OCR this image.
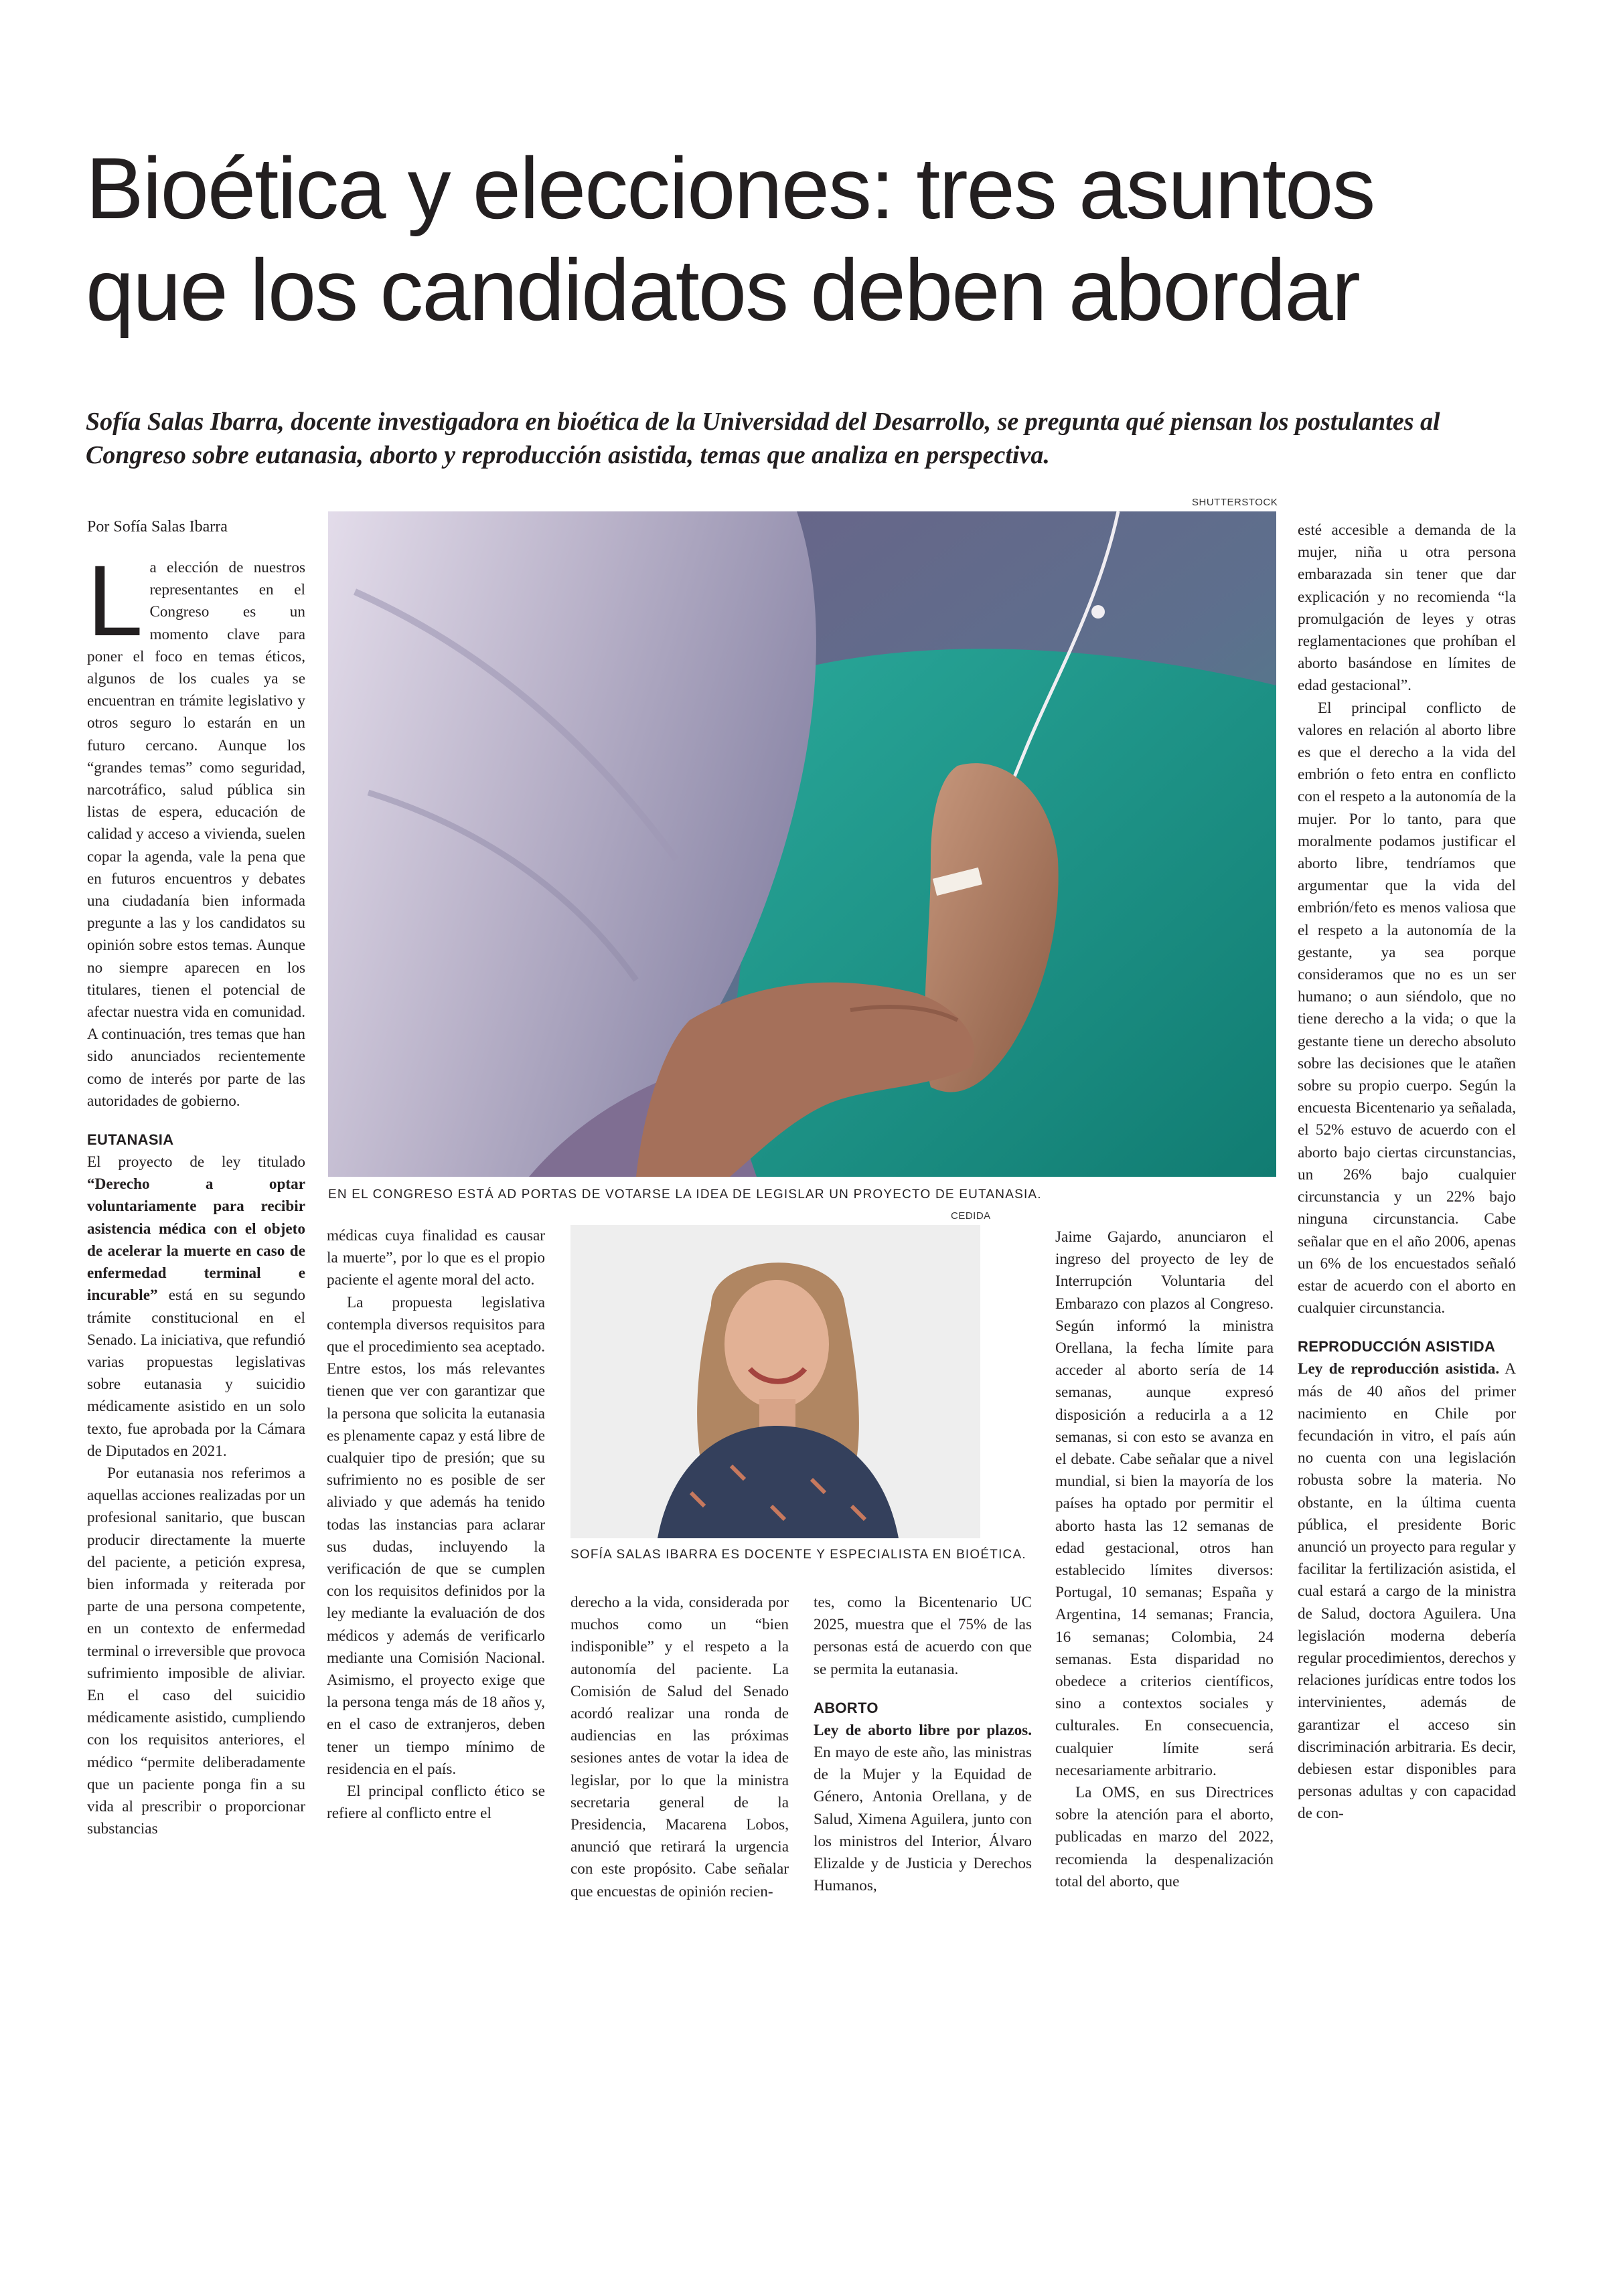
Bioética y elecciones: tres asuntos
que los candidatos deben abordar
Sofía Salas Ibarra, docente investigadora en bioética de la Universidad del Desarrollo, se pregunta qué piensan los postulantes al Congreso sobre eutanasia, aborto y reproducción asistida, temas que analiza en perspectiva.
Por Sofía Salas Ibarra
SHUTTERSTOCK
EN EL CONGRESO ESTÁ AD PORTAS DE VOTARSE LA IDEA DE LEGISLAR UN PROYECTO DE EUTANASIA.
L a elección de nuestros representantes en el Congreso es un momento clave para poner el foco en temas éticos, algunos de los cuales ya se encuentran en trámite legislativo y otros seguro lo estarán en un futuro cercano. Aunque los “grandes temas” como seguridad, narcotráfico, salud pública sin listas de espera, educación de calidad y acceso a vivienda, suelen copar la agenda, vale la pena que en futuros encuentros y debates una ciudadanía bien informada pregunte a las y los candidatos su opinión sobre estos temas. Aunque no siempre aparecen en los titulares, tienen el potencial de afectar nuestra vida en comunidad. A continuación, tres temas que han sido anunciados recientemente como de interés por parte de las autoridades de gobierno.

EUTANASIA

El proyecto de ley titulado “Derecho a optar voluntariamente para recibir asistencia médica con el objeto de acelerar la muerte en caso de enfermedad terminal e incurable” está en su segundo trámite constitucional en el Senado. La iniciativa, que refundió varias propuestas legislativas sobre eutanasia y suicidio médicamente asistido en un solo texto, fue aprobada por la Cámara de Diputados en 2021.

Por eutanasia nos referimos a aquellas acciones realizadas por un profesional sanitario, que buscan producir directamente la muerte del paciente, a petición expresa, bien informada y reiterada por parte de una persona competente, en un contexto de enfermedad terminal o irreversible que provoca sufrimiento imposible de aliviar. En el caso del suicidio médicamente asistido, cumpliendo con los requisitos anteriores, el médico “permite deliberadamente que un paciente ponga fin a su vida al prescribir o proporcionar substancias

médicas cuya finalidad es causar la muerte”, por lo que es el propio paciente el agente moral del acto.

La propuesta legislativa contempla diversos requisitos para que el procedimiento sea aceptado. Entre estos, los más relevantes tienen que ver con garantizar que la persona que solicita la eutanasia es plenamente capaz y está libre de cualquier tipo de presión; que su sufrimiento no es posible de ser aliviado y que además ha tenido todas las instancias para aclarar sus dudas, incluyendo la verificación de que se cumplen con los requisitos definidos por la ley mediante la evaluación de dos médicos y además de verificarlo mediante una Comisión Nacional. Asimismo, el proyecto exige que la persona tenga más de 18 años y, en el caso de extranjeros, deben tener un tiempo mínimo de residencia en el país.

El principal conflicto ético se refiere al conflicto entre el

CEDIDA
SOFÍA SALAS IBARRA ES DOCENTE Y ESPECIALISTA EN BIOÉTICA.

derecho a la vida, considerada por muchos como un “bien indisponible” y el respeto a la autonomía del paciente. La Comisión de Salud del Senado acordó realizar una ronda de audiencias en las próximas sesiones antes de votar la idea de legislar, por lo que la ministra secretaria general de la Presidencia, Macarena Lobos, anunció que retirará la urgencia con este propósito. Cabe señalar que encuestas de opinión recien-

tes, como la Bicentenario UC 2025, muestra que el 75% de las personas está de acuerdo con que se permita la eutanasia.

ABORTO

Ley de aborto libre por plazos. En mayo de este año, las ministras de la Mujer y la Equidad de Género, Antonia Orellana, y de Salud, Ximena Aguilera, junto con los ministros del Interior, Álvaro Elizalde y de Justicia y Derechos Humanos,

Jaime Gajardo, anunciaron el ingreso del proyecto de ley de Interrupción Voluntaria del Embarazo con plazos al Congreso. Según informó la ministra Orellana, la fecha límite para acceder al aborto sería de 14 semanas, aunque expresó disposición a reducirla a a 12 semanas, si con esto se avanza en el debate. Cabe señalar que a nivel mundial, si bien la mayoría de los países ha optado por permitir el aborto hasta las 12 semanas de edad gestacional, otros han establecido límites diversos: Portugal, 10 semanas; España y Argentina, 14 semanas; Francia, 16 semanas; Colombia, 24 semanas. Esta disparidad no obedece a criterios científicos, sino a contextos sociales y culturales. En consecuencia, cualquier límite será necesariamente arbitrario.

La OMS, en sus Directrices sobre la atención para el aborto, publicadas en marzo del 2022, recomienda la despenalización total del aborto, que

esté accesible a demanda de la mujer, niña u otra persona embarazada sin tener que dar explicación y no recomienda “la promulgación de leyes y otras reglamentaciones que prohíban el aborto basándose en límites de edad gestacional”.

El principal conflicto de valores en relación al aborto libre es que el derecho a la vida del embrión o feto entra en conflicto con el respeto a la autonomía de la mujer. Por lo tanto, para que moralmente podamos justificar el aborto libre, tendríamos que argumentar que la vida del embrión/feto es menos valiosa que el respeto a la autonomía de la gestante, ya sea porque consideramos que no es un ser humano; o aun siéndolo, que no tiene derecho a la vida; o que la gestante tiene un derecho absoluto sobre las decisiones que le atañen sobre su propio cuerpo. Según la encuesta Bicentenario ya señalada, el 52% estuvo de acuerdo con el aborto bajo ciertas circunstancias, un 26% bajo cualquier circunstancia y un 22% bajo ninguna circunstancia. Cabe señalar que en el año 2006, apenas un 6% de los encuestados señaló estar de acuerdo con el aborto en cualquier circunstancia.

REPRODUCCIÓN ASISTIDA

Ley de reproducción asistida. A más de 40 años del primer nacimiento en Chile por fecundación in vitro, el país aún no cuenta con una legislación robusta sobre la materia. No obstante, en la última cuenta pública, el presidente Boric anunció un proyecto para regular y facilitar la fertilización asistida, el cual estará a cargo de la ministra de Salud, doctora Aguilera. Una legislación moderna debería regular procedimientos, derechos y relaciones jurídicas entre todos los intervinientes, además de garantizar el acceso sin discriminación arbitraria. Es decir, debiesen estar disponibles para personas adultas y con capacidad de con-
